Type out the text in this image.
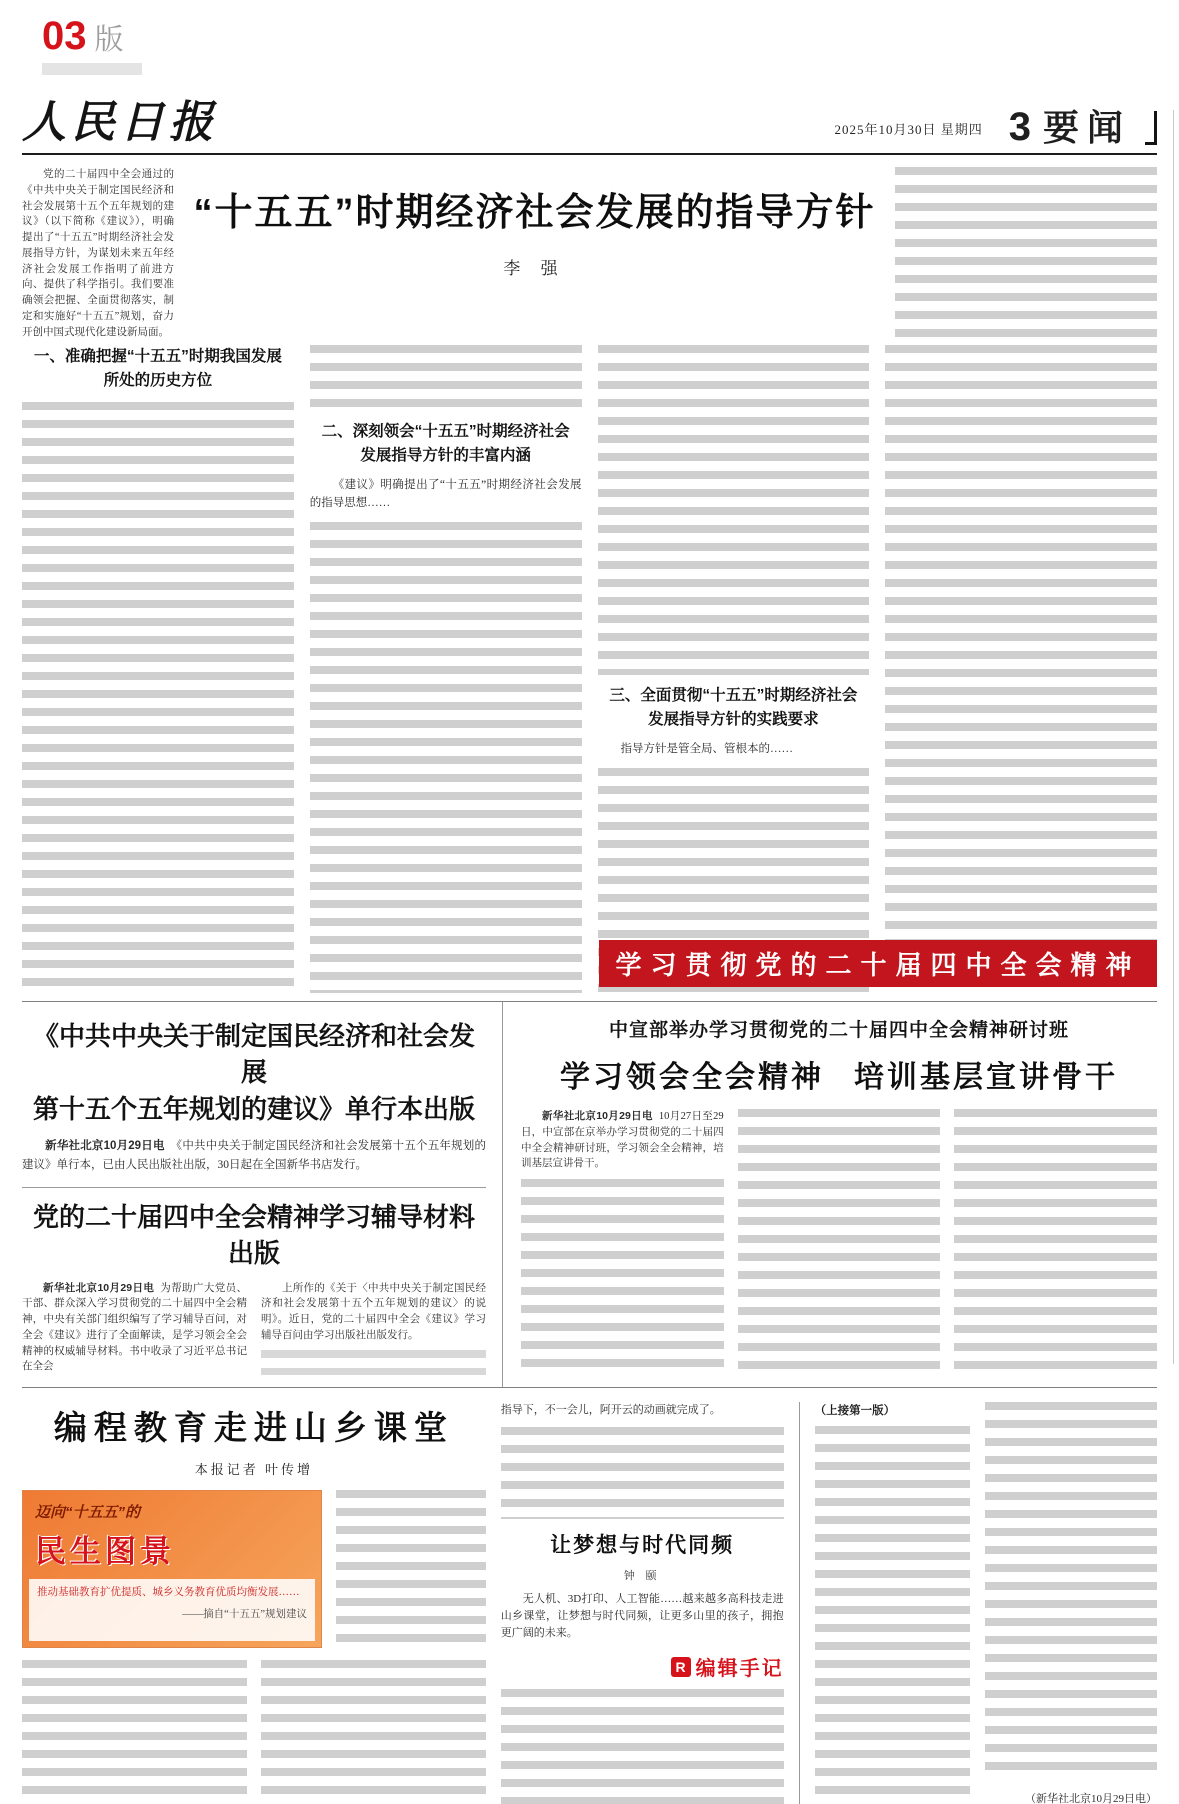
03 版
人民日报	2025年10月30日 星期四 3 要闻

党的二十届四中全会通过的《中共中央关于制定国民经济和社会发展第十五个五年规划的建议》（以下简称《建议》），明确提出了“十五五”时期经济社会发展指导方针，为谋划未来五年经济社会发展工作指明了前进方向、提供了科学指引。我们要准确领会把握、全面贯彻落实，制定和实施好“十五五”规划，奋力开创中国式现代化建设新局面。

“十五五”时期经济社会发展的指导方针
李 强
一、准确把握“十五五”时期我国发展所处的历史方位
二、深刻领会“十五五”时期经济社会发展指导方针的丰富内涵

《建议》明确提出了“十五五”时期经济社会发展的指导思想……

三、全面贯彻“十五五”时期经济社会发展指导方针的实践要求

指导方针是管全局、管根本的……

学习贯彻党的二十届四中全会精神
《中共中央关于制定国民经济和社会发展
第十五个五年规划的建议》单行本出版

新华社北京10月29日电 《中共中央关于制定国民经济和社会发展第十五个五年规划的建议》单行本，已由人民出版社出版，30日起在全国新华书店发行。

党的二十届四中全会精神学习辅导材料出版

新华社北京10月29日电 为帮助广大党员、干部、群众深入学习贯彻党的二十届四中全会精神，中央有关部门组织编写了学习辅导百问，对全会《建议》进行了全面解读，是学习领会全会精神的权威辅导材料。书中收录了习近平总书记在全会

上所作的《关于〈中共中央关于制定国民经济和社会发展第十五个五年规划的建议〉的说明》。近日，党的二十届四中全会《建议》学习辅导百问由学习出版社出版发行。

中宣部举办学习贯彻党的二十届四中全会精神研讨班
学习领会全会精神 培训基层宣讲骨干

新华社北京10月29日电 10月27日至29日，中宣部在京举办学习贯彻党的二十届四中全会精神研讨班，学习领会全会精神，培训基层宣讲骨干。

编程教育走进山乡课堂
本报记者 叶传增
迈向“十五五”的
民生图景
推动基础教育扩优提质、城乡义务教育优质均衡发展……
——摘自“十五五”规划建议

指导下，不一会儿，阿开云的动画就完成了。

让梦想与时代同频
钟 颐

无人机、3D打印、人工智能……越来越多高科技走进山乡课堂，让梦想与时代同频，让更多山里的孩子，拥抱更广阔的未来。

R 编辑手记
（上接第一版）
（新华社北京10月29日电）
